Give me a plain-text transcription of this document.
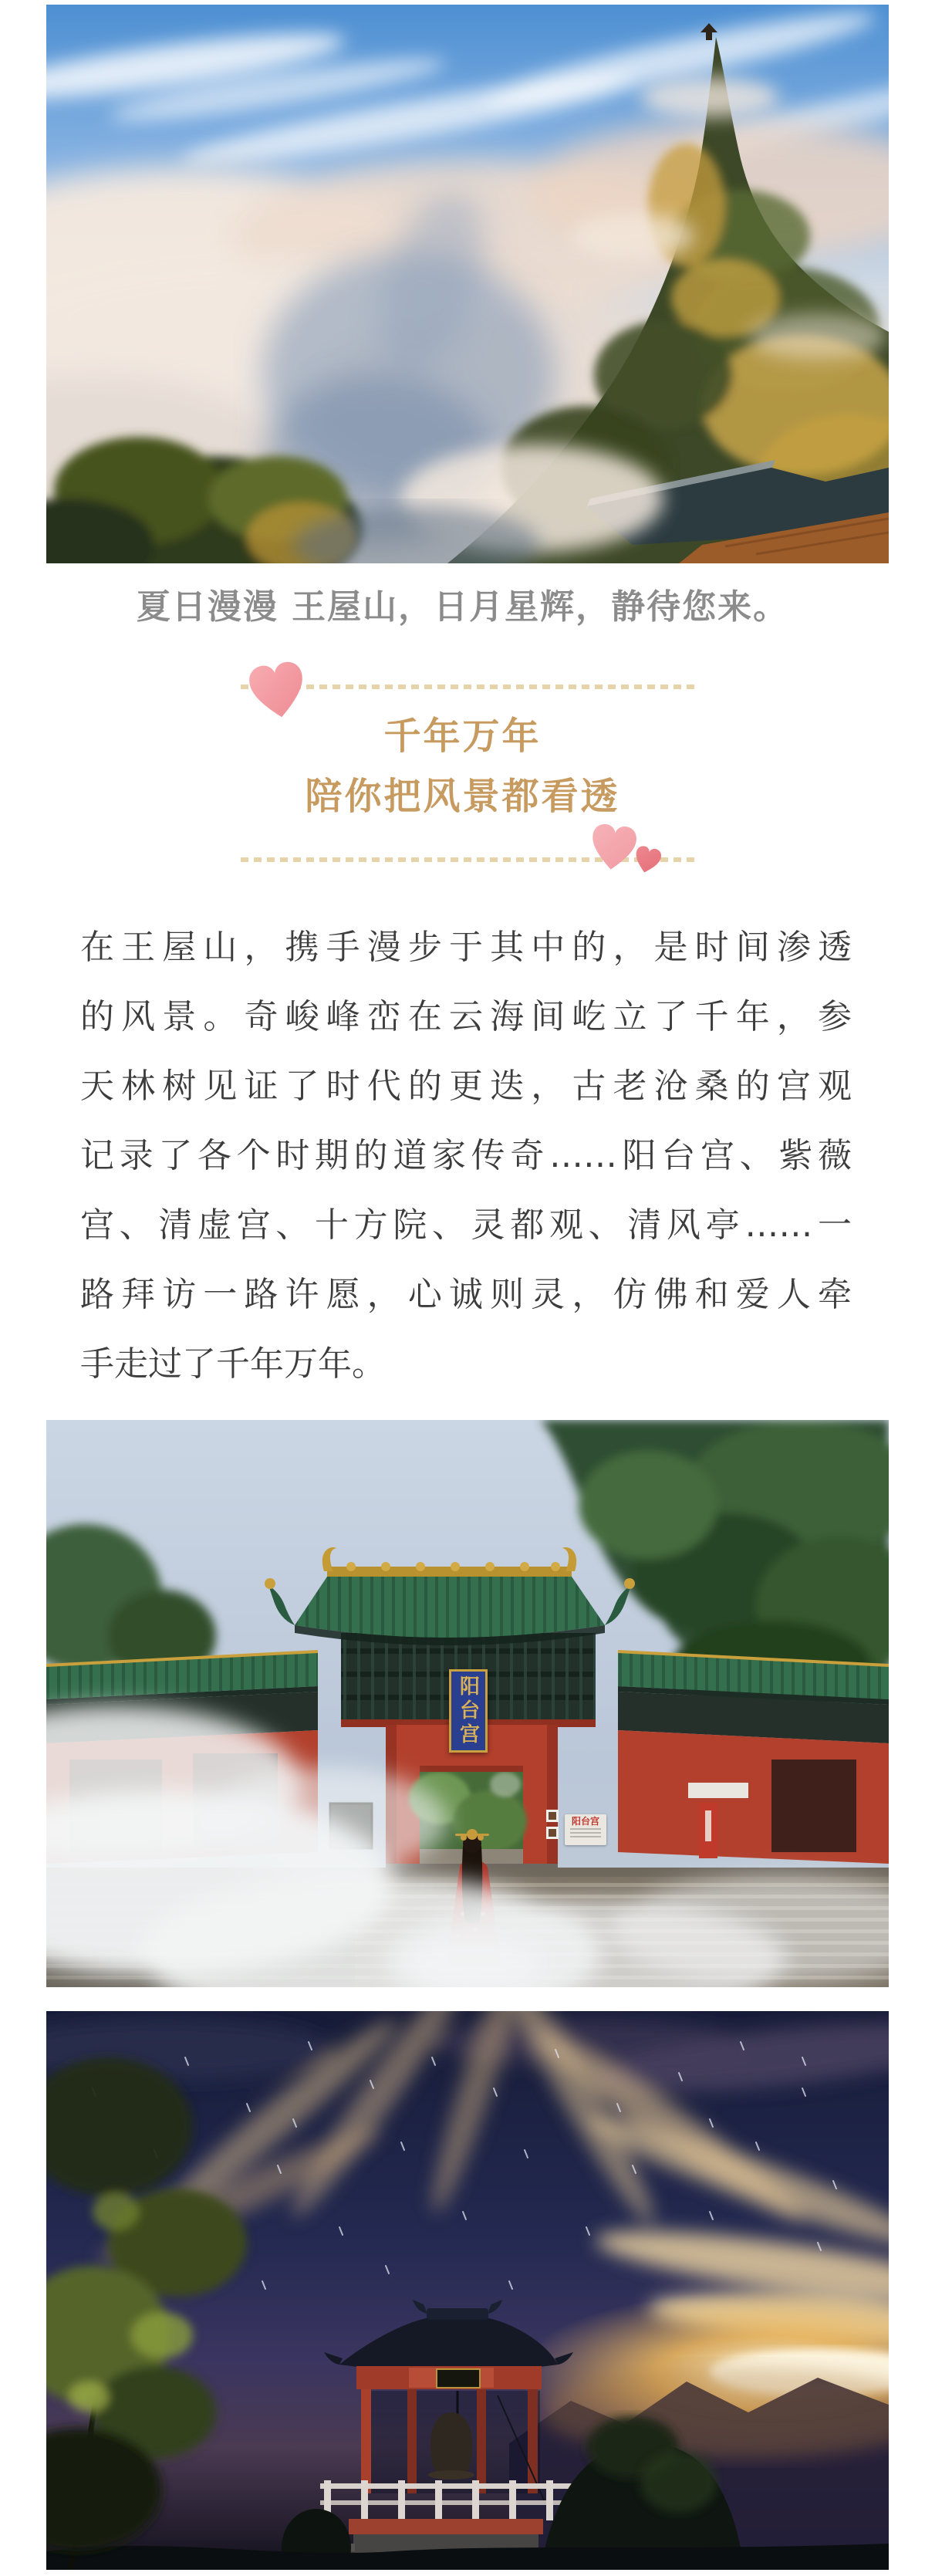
夏日漫漫 王屋山，日月星辉，静待您来。

千年万年
陪你把风景都看透
在王屋山，携手漫步于其中的，是时间渗透
的风景。奇峻峰峦在云海间屹立了千年，参
天林树见证了时代的更迭，古老沧桑的宫观
记录了各个时期的道家传奇……阳台宫、紫薇
宫、清虚宫、十方院、灵都观、清风亭……一
路拜访一路许愿，心诚则灵，仿佛和爱人牵
手走过了千年万年。
阳台宫
阳台宫
